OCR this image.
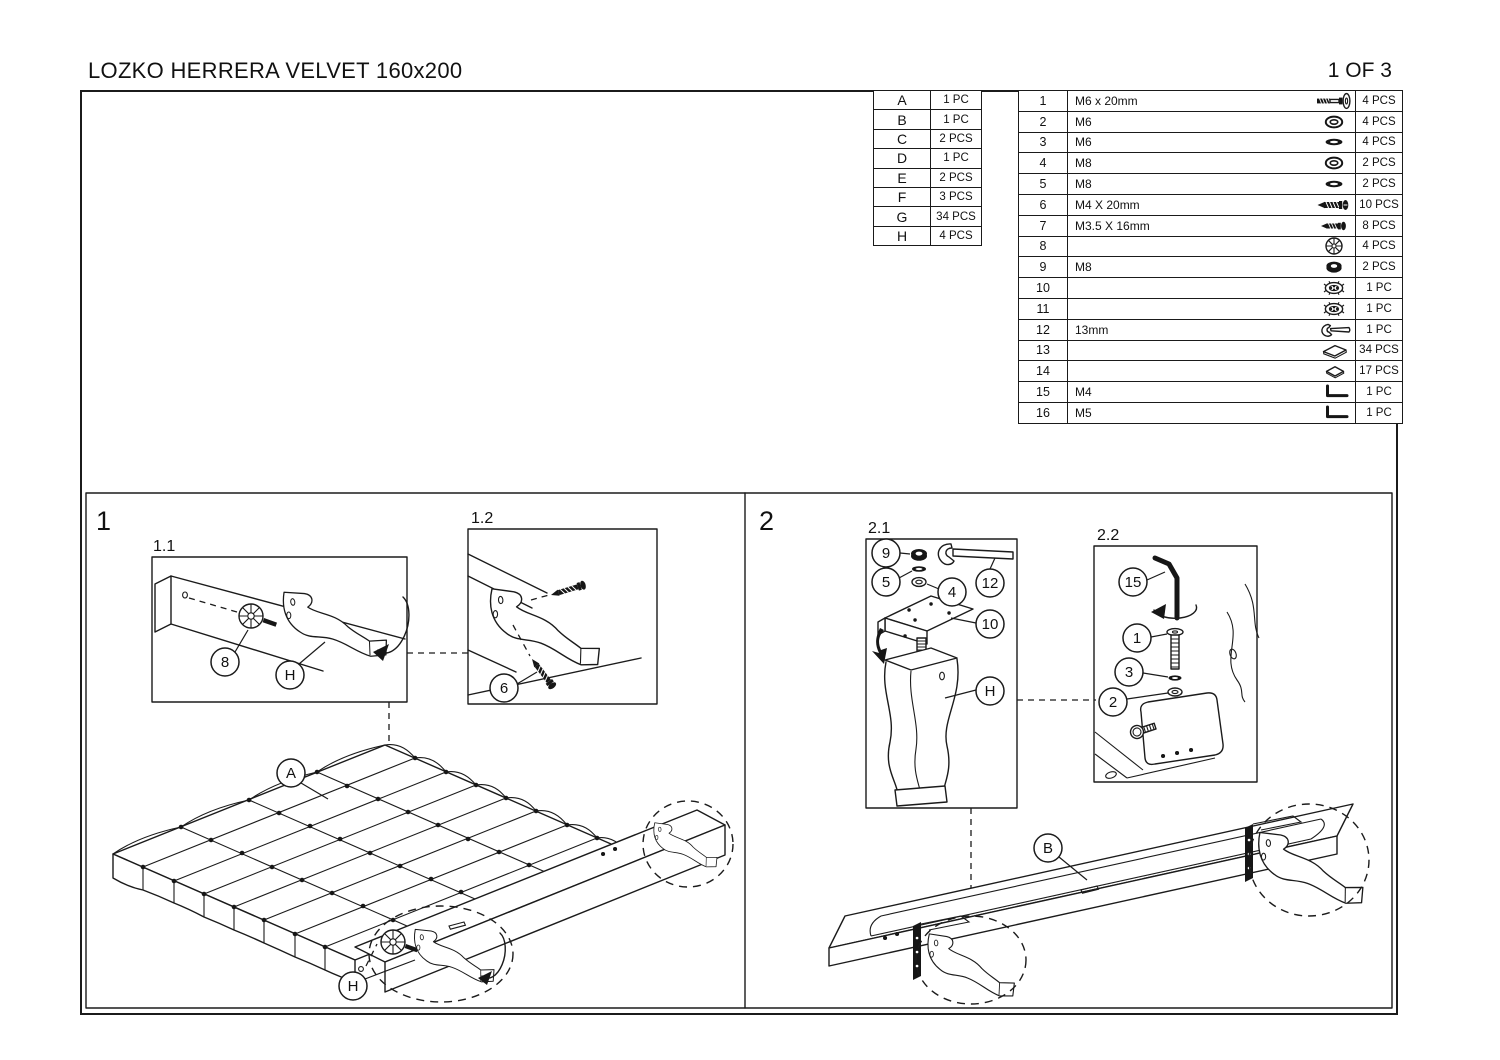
LOZKO HERRERA VELVET 160x200	1 OF 3
A	1 PC
B	1 PC
C	2 PCS
D	1 PC
E	2 PCS
F	3 PCS
G	34 PCS
H	4 PCS
1	M6 x 20mm	4 PCS
2	M6	4 PCS
3	M6	4 PCS
4	M8	2 PCS
5	M8	2 PCS
6	M4 X 20mm	10 PCS
7	M3.5 X 16mm	8 PCS
8		4 PCS
9	M8	2 PCS
10		1 PC
11		1 PC
12	13mm	1 PC
13		34 PCS
14		17 PCS
15	M4	1 PC
16	M5	1 PC
1
1.1
8
H
1.2
6
A
H
2	2.1
9
5
4
12
10
H
2.2
15
1
3
2
B
